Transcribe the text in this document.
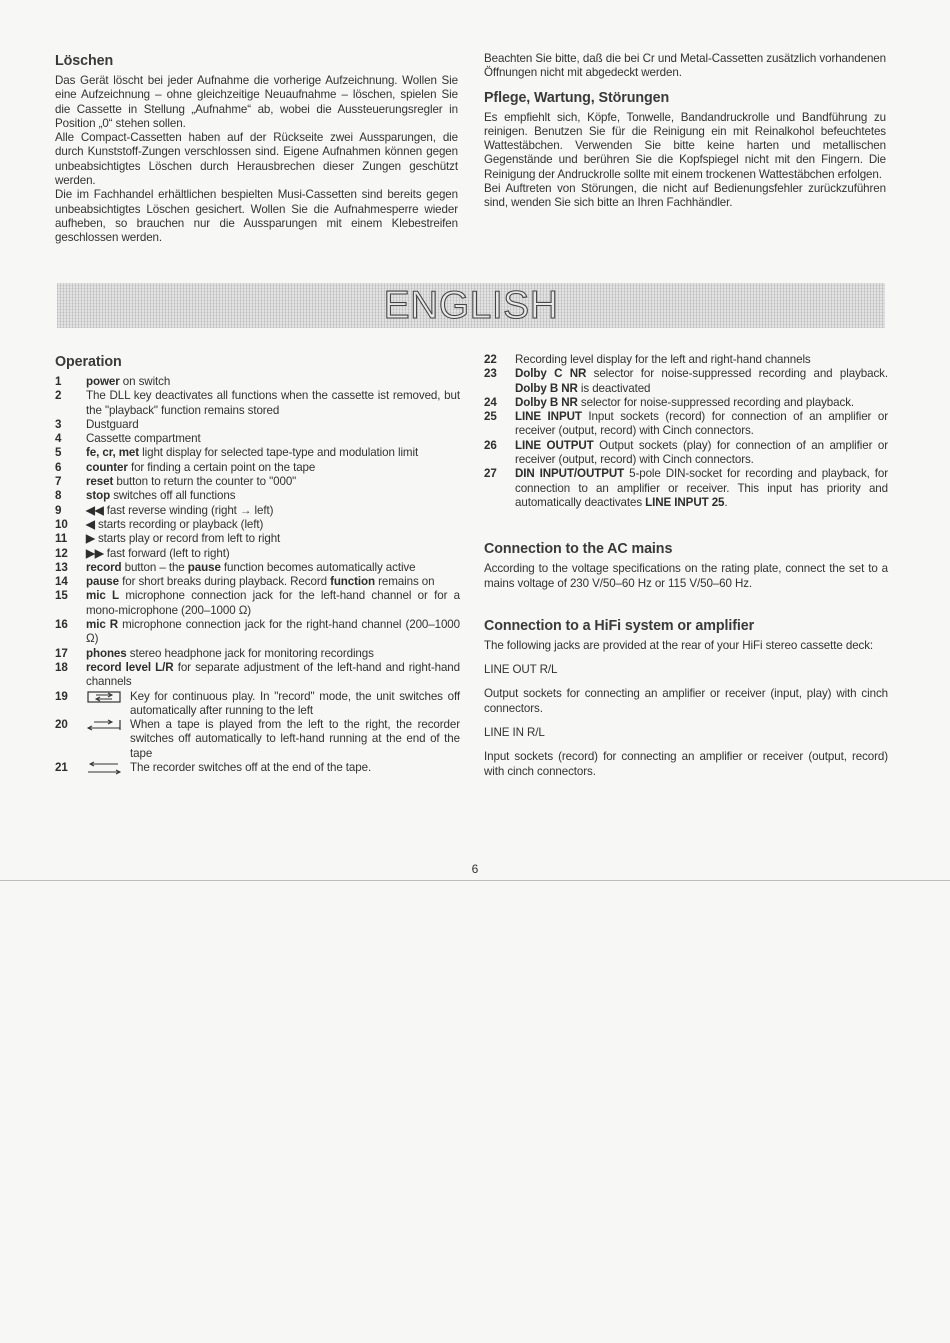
Löschen

Das Gerät löscht bei jeder Aufnahme die vorherige Aufzeichnung. Wollen Sie eine Aufzeichnung – ohne gleichzeitige Neuaufnahme – löschen, spielen Sie die Cassette in Stellung „Aufnahme“ ab, wobei die Aussteuerungsregler in Position „0“ stehen sollen.

Alle Compact-Cassetten haben auf der Rückseite zwei Aussparungen, die durch Kunststoff-Zungen verschlossen sind. Eigene Aufnahmen können gegen unbeabsichtigtes Löschen durch Herausbrechen dieser Zungen geschützt werden.

Die im Fachhandel erhältlichen bespielten Musi-Cassetten sind bereits gegen unbeabsichtigtes Löschen gesichert. Wollen Sie die Aufnahmesperre wieder aufheben, so brauchen nur die Aussparungen mit einem Klebestreifen geschlossen werden.

Beachten Sie bitte, daß die bei Cr und Metal-Cassetten zusätzlich vorhandenen Öffnungen nicht mit abgedeckt werden.

Pflege, Wartung, Störungen

Es empfiehlt sich, Köpfe, Tonwelle, Bandandruckrolle und Bandführung zu reinigen. Benutzen Sie für die Reinigung ein mit Reinalkohol befeuchtetes Wattestäbchen. Verwenden Sie bitte keine harten und metallischen Gegenstände und berühren Sie die Kopfspiegel nicht mit den Fingern. Die Reinigung der Andruckrolle sollte mit einem trockenen Wattestäbchen erfolgen.

Bei Auftreten von Störungen, die nicht auf Bedienungsfehler zurückzuführen sind, wenden Sie sich bitte an Ihren Fachhändler.

ENGLISH
Operation
1	power on switch
2	The DLL key deactivates all functions when the cassette ist removed, but the "playback" function remains stored
3	Dustguard
4	Cassette compartment
5	fe, cr, met light display for selected tape-type and modulation limit
6	counter for finding a certain point on the tape
7	reset button to return the counter to "000"
8	stop switches off all functions
9	◀◀ fast reverse winding (right → left)
10	◀ starts recording or playback (left)
11	▶ starts play or record from left to right
12	▶▶ fast forward (left to right)
13	record button – the pause function becomes automatically active
14	pause for short breaks during playback. Record function remains on
15	mic L microphone connection jack for the left-hand channel or for a mono-microphone (200–1000 Ω)
16	mic R microphone connection jack for the right-hand channel (200–1000 Ω)
17	phones stereo headphone jack for monitoring recordings
18	record level L/R for separate adjustment of the left-hand and right-hand channels
19	Key for continuous play. In "record" mode, the unit switches off automatically after running to the left
20	When a tape is played from the left to the right, the recorder switches off automatically to left-hand running at the end of the tape
21	The recorder switches off at the end of the tape.
22	Recording level display for the left and right-hand channels
23	Dolby C NR selector for noise-suppressed recording and playback. Dolby B NR is deactivated
24	Dolby B NR selector for noise-suppressed recording and playback.
25	LINE INPUT Input sockets (record) for connection of an amplifier or receiver (output, record) with Cinch connectors.
26	LINE OUTPUT Output sockets (play) for connection of an amplifier or receiver (output, record) with Cinch connectors.
27	DIN INPUT/OUTPUT 5-pole DIN-socket for recording and playback, for connection to an amplifier or receiver. This input has priority and automatically deactivates LINE INPUT 25.
Connection to the AC mains

According to the voltage specifications on the rating plate, connect the set to a mains voltage of 230 V/50–60 Hz or 115 V/50–60 Hz.

Connection to a HiFi system or amplifier

The following jacks are provided at the rear of your HiFi stereo cassette deck:

LINE OUT R/L

Output sockets for connecting an amplifier or receiver (input, play) with cinch connectors.

LINE IN R/L

Input sockets (record) for connecting an amplifier or receiver (output, record) with cinch connectors.

6
